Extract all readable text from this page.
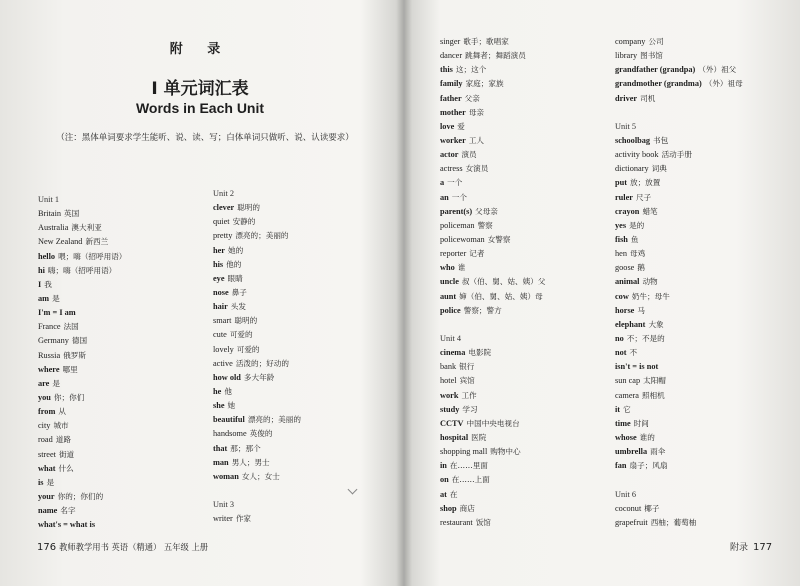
附 录
Ⅰ 单元词汇表
Words in Each Unit
（注：黑体单词要求学生能听、说、读、写；白体单词只做听、说、认读要求）
Unit 1
Britain 英国
Australia 澳大利亚
New Zealand 新西兰
hello 喂；嗨（招呼用语）
hi 嗨；嗨（招呼用语）
I 我
am 是
I'm = I am
France 法国
Germany 德国
Russia 俄罗斯
where 哪里
are 是
you 你；你们
from 从
city 城市
road 道路
street 街道
what 什么
is 是
your 你的；你们的
name 名字
what's = what is
Unit 2
clever 聪明的
quiet 安静的
pretty 漂亮的；美丽的
her 她的
his 他的
eye 眼睛
nose 鼻子
hair 头发
smart 聪明的
cute 可爱的
lovely 可爱的
active 活泼的；好动的
how old 多大年龄
he 他
she 她
beautiful 漂亮的；美丽的
handsome 英俊的
that 那；那个
man 男人；男士
woman 女人；女士
Unit 3
writer 作家
176 教师教学用书 英语（精通） 五年级 上册
singer 歌手；歌唱家
dancer 跳舞者；舞蹈演员
this 这；这个
family 家庭；家族
father 父亲
mother 母亲
love 爱
worker 工人
actor 演员
actress 女演员
a 一个
an 一个
parent(s) 父母亲
policeman 警察
policewoman 女警察
reporter 记者
who 谁
uncle 叔（伯、舅、姑、姨）父
aunt 婶（伯、舅、姑、姨）母
police 警察；警方
Unit 4
cinema 电影院
bank 银行
hotel 宾馆
work 工作
study 学习
CCTV 中国中央电视台
hospital 医院
shopping mall 购物中心
in 在……里面
on 在……上面
at 在
shop 商店
restaurant 饭馆
company 公司
library 图书馆
grandfather (grandpa) （外）祖父
grandmother (grandma) （外）祖母
driver 司机
Unit 5
schoolbag 书包
activity book 活动手册
dictionary 词典
put 放；放置
ruler 尺子
crayon 蜡笔
yes 是的
fish 鱼
hen 母鸡
goose 鹅
animal 动物
cow 奶牛；母牛
horse 马
elephant 大象
no 不；不是的
not 不
isn't = is not
sun cap 太阳帽
camera 照相机
it 它
time 时间
whose 谁的
umbrella 雨伞
fan 扇子；风扇
Unit 6
coconut 椰子
grapefruit 西柚；葡萄柚
附录 177
